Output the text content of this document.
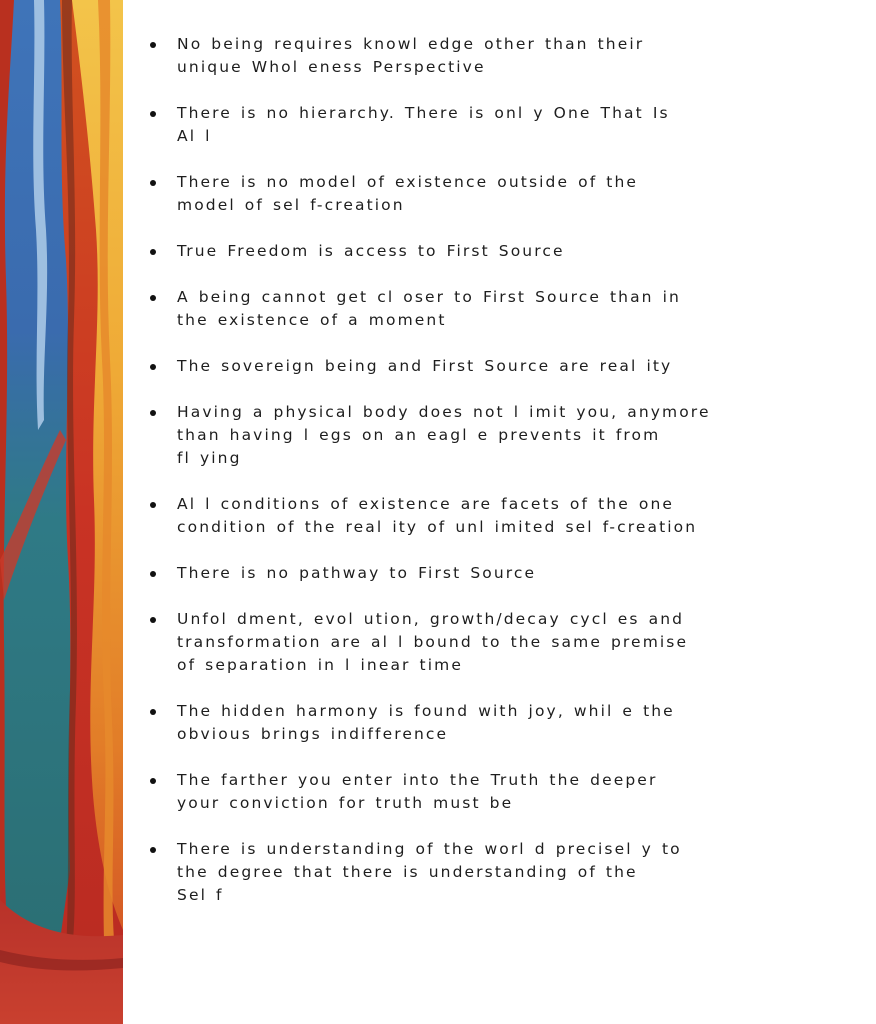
No being requires knowl edge other than their
unique Whol eness Perspective
There is no hierarchy. There is onl y One That Is
Al l
There is no model of existence outside of the
model of sel f-creation
True Freedom is access to First Source
A being cannot get cl oser to First Source than in
the existence of a moment
The sovereign being and First Source are real ity
Having a physical body does not l imit you, anymore
than having l egs on an eagl e prevents it from
fl ying
Al l conditions of existence are facets of the one
condition of the real ity of unl imited sel f-creation
There is no pathway to First Source
Unfol dment, evol ution, growth/decay cycl es and
transformation are al l bound to the same premise
of separation in l inear time
The hidden harmony is found with joy, whil e the
obvious brings indifference
The farther you enter into the Truth the deeper
your conviction for truth must be
There is understanding of the worl d precisel y to
the degree that there is understanding of the
Sel f
